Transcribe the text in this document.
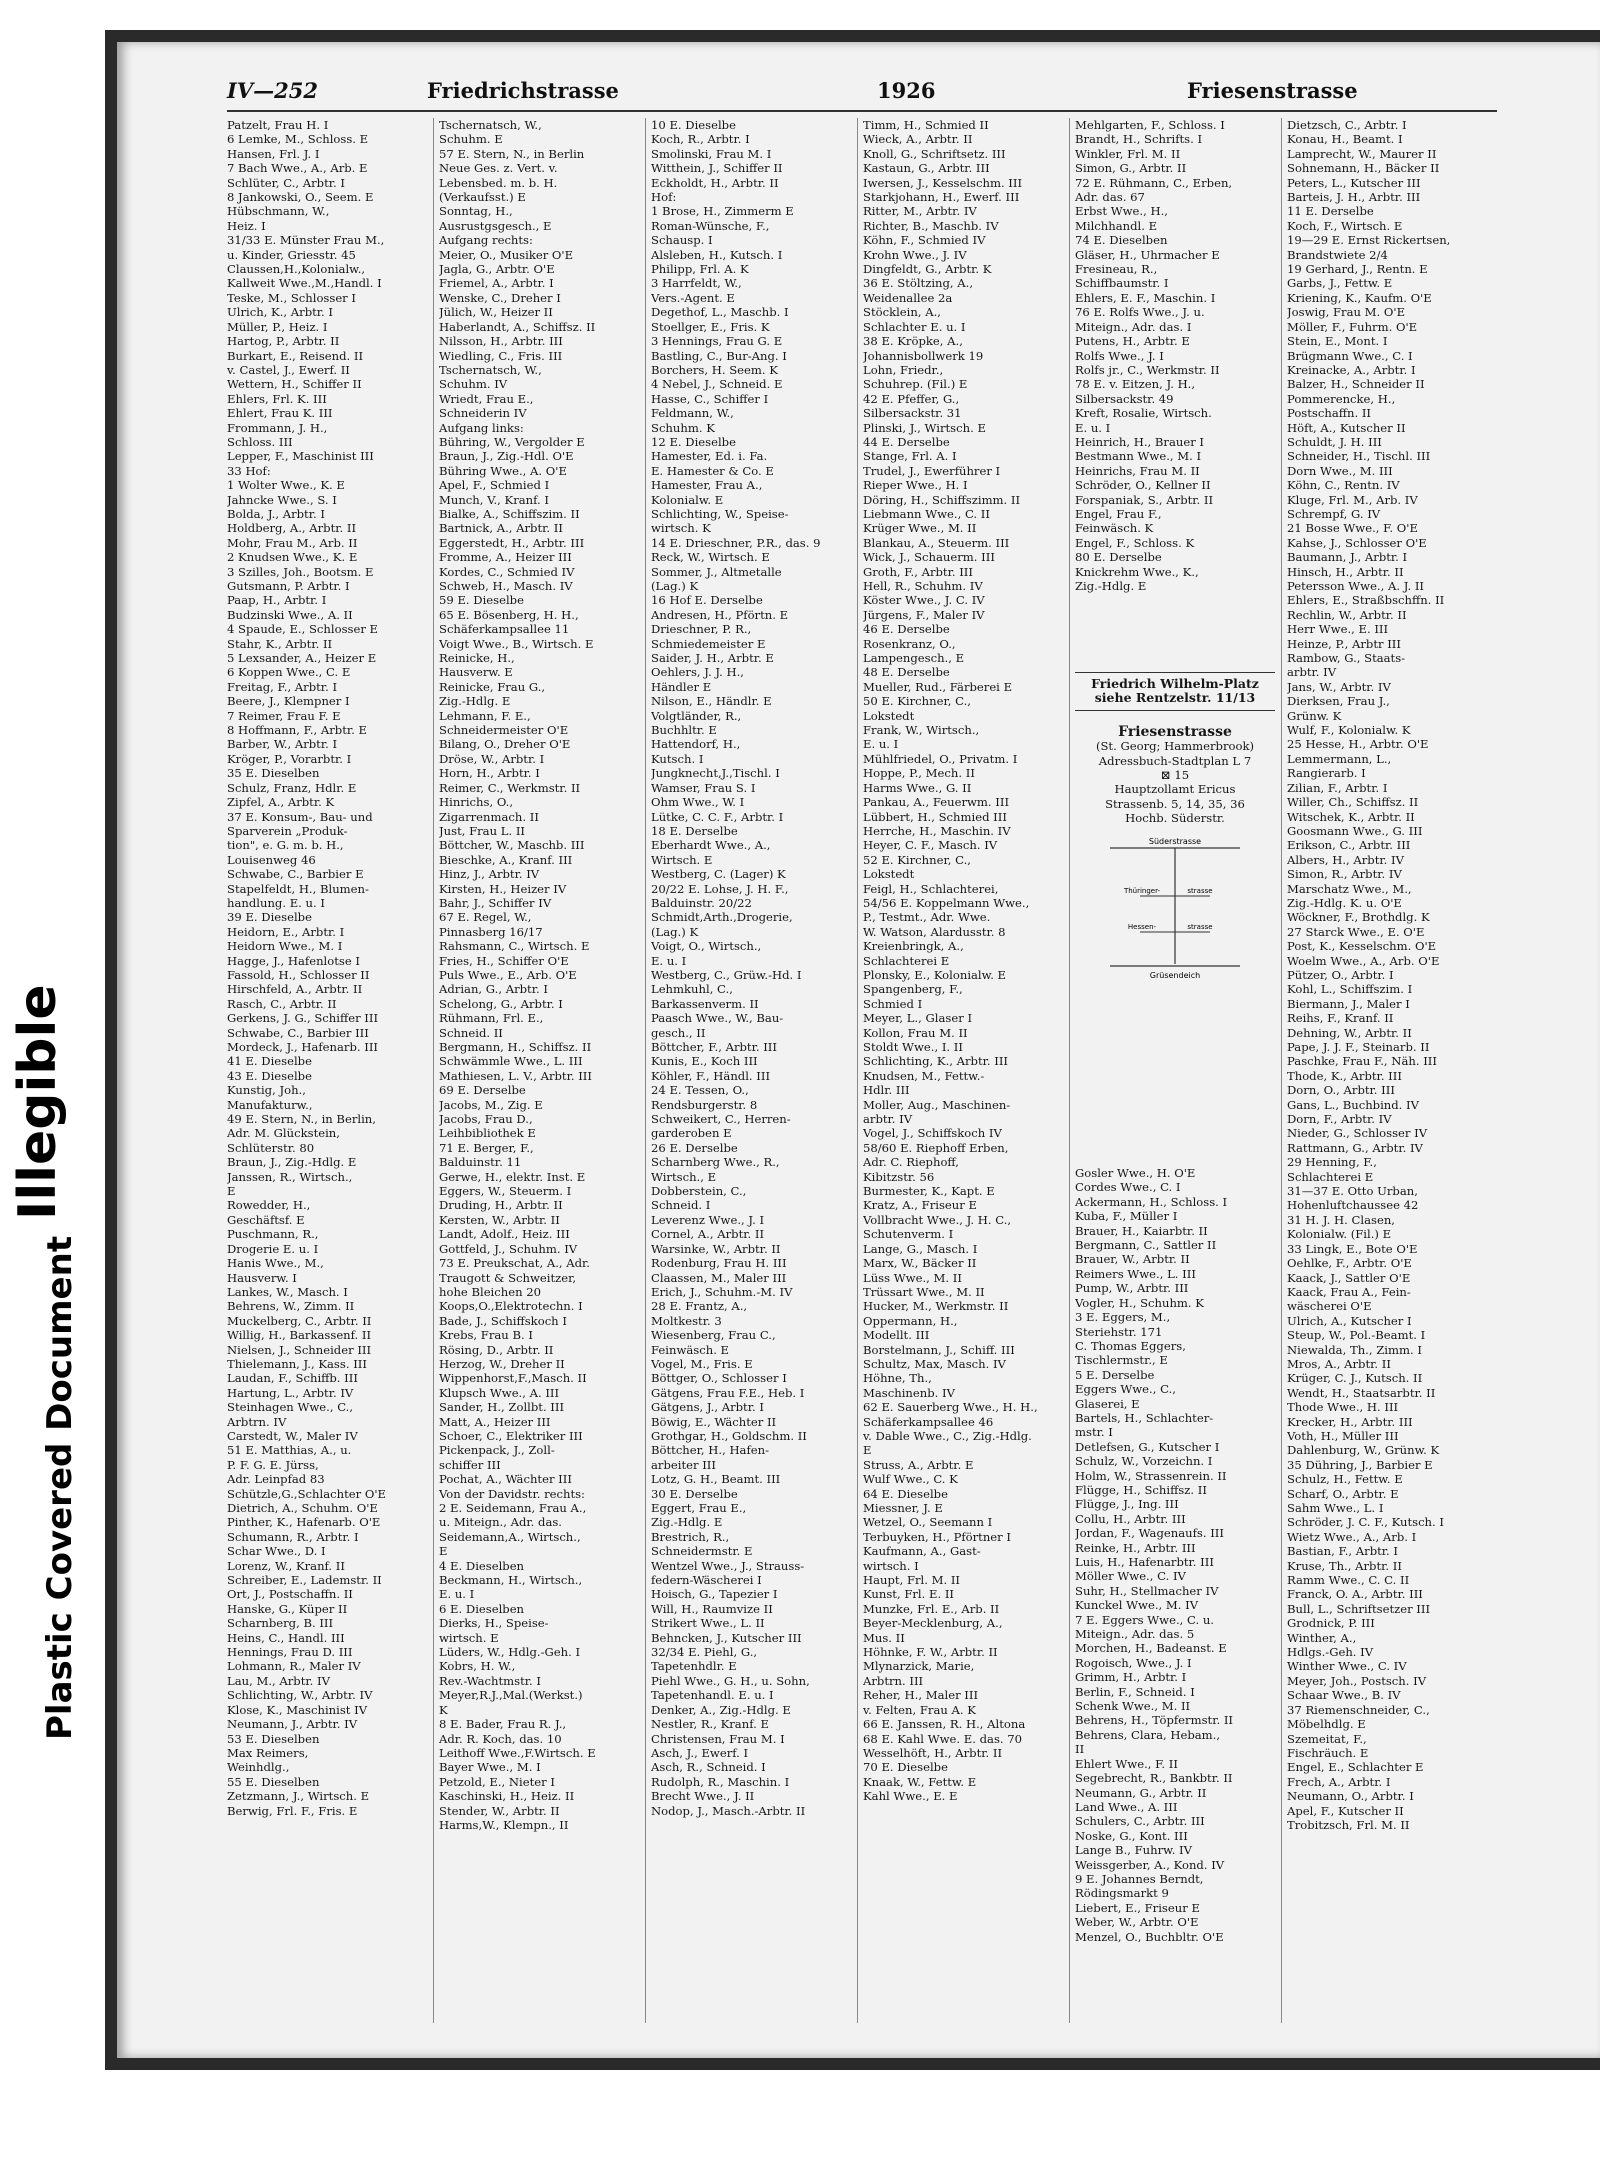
Illegible
Plastic Covered Document
IV—252	Friedrichstrasse	1926	Friesenstrasse
Patzelt, Frau H. I
6 Lemke, M., Schloss. E
Hansen, Frl. J. I
7 Bach Wwe., A., Arb. E
Schlüter, C., Arbtr. I
8 Jankowski, O., Seem. E
Hübschmann, W.,
Heiz. I
31/33 E. Münster Frau M.,
u. Kinder, Griesstr. 45
Claussen,H.,Kolonialw.,
Kallweit Wwe.,M.,Handl. I
Teske, M., Schlosser I
Ulrich, K., Arbtr. I
Müller, P., Heiz. I
Hartog, P., Arbtr. II
Burkart, E., Reisend. II
v. Castel, J., Ewerf. II
Wettern, H., Schiffer II
Ehlers, Frl. K. III
Ehlert, Frau K. III
Frommann, J. H.,
Schloss. III
Lepper, F., Maschinist III
33 Hof:
1 Wolter Wwe., K. E
Jahncke Wwe., S. I
Bolda, J., Arbtr. I
Holdberg, A., Arbtr. II
Mohr, Frau M., Arb. II
2 Knudsen Wwe., K. E
3 Szilles, Joh., Bootsm. E
Gutsmann, P. Arbtr. I
Paap, H., Arbtr. I
Budzinski Wwe., A. II
4 Spaude, E., Schlosser E
Stahr, K., Arbtr. II
5 Lexsander, A., Heizer E
6 Koppen Wwe., C. E
Freitag, F., Arbtr. I
Beere, J., Klempner I
7 Reimer, Frau F. E
8 Hoffmann, F., Arbtr. E
Barber, W., Arbtr. I
Kröger, P., Vorarbtr. I
35 E. Dieselben
Schulz, Franz, Hdlr. E
Zipfel, A., Arbtr. K
37 E. Konsum-, Bau- und
Sparverein „Produk-
tion", e. G. m. b. H.,
Louisenweg 46
Schwabe, C., Barbier E
Stapelfeldt, H., Blumen-
handlung. E. u. I
39 E. Dieselbe
Heidorn, E., Arbtr. I
Heidorn Wwe., M. I
Hagge, J., Hafenlotse I
Fassold, H., Schlosser II
Hirschfeld, A., Arbtr. II
Rasch, C., Arbtr. II
Gerkens, J. G., Schiffer III
Schwabe, C., Barbier III
Mordeck, J., Hafenarb. III
41 E. Dieselbe
43 E. Dieselbe
Kunstig, Joh.,
Manufakturw.,
49 E. Stern, N., in Berlin,
Adr. M. Glückstein,
Schlüterstr. 80
Braun, J., Zig.-Hdlg. E
Janssen, R., Wirtsch.,
E
Rowedder, H.,
Geschäftsf. E
Puschmann, R.,
Drogerie E. u. I
Hanis Wwe., M.,
Hausverw. I
Lankes, W., Masch. I
Behrens, W., Zimm. II
Muckelberg, C., Arbtr. II
Willig, H., Barkassenf. II
Nielsen, J., Schneider III
Thielemann, J., Kass. III
Laudan, F., Schiffb. III
Hartung, L., Arbtr. IV
Steinhagen Wwe., C.,
Arbtrn. IV
Carstedt, W., Maler IV
51 E. Matthias, A., u.
P. F. G. E. Jürss,
Adr. Leinpfad 83
Schützle,G.,Schlachter O'E
Dietrich, A., Schuhm. O'E
Pinther, K., Hafenarb. O'E
Schumann, R., Arbtr. I
Schar Wwe., D. I
Lorenz, W., Kranf. II
Schreiber, E., Lademstr. II
Ort, J., Postschaffn. II
Hanske, G., Küper II
Scharnberg, B. III
Heins, C., Handl. III
Hennings, Frau D. III
Lohmann, R., Maler IV
Lau, M., Arbtr. IV
Schlichting, W., Arbtr. IV
Klose, K., Maschinist IV
Neumann, J., Arbtr. IV
53 E. Dieselben
Max Reimers,
Weinhdlg.,
55 E. Dieselben
Zetzmann, J., Wirtsch. E
Berwig, Frl. F., Fris. E
Tschernatsch, W.,
Schuhm. E
57 E. Stern, N., in Berlin
Neue Ges. z. Vert. v.
Lebensbed. m. b. H.
(Verkaufsst.) E
Sonntag, H.,
Ausrustgsgesch., E
Aufgang rechts:
Meier, O., Musiker O'E
Jagla, G., Arbtr. O'E
Friemel, A., Arbtr. I
Wenske, C., Dreher I
Jülich, W., Heizer II
Haberlandt, A., Schiffsz. II
Nilsson, H., Arbtr. III
Wiedling, C., Fris. III
Tschernatsch, W.,
Schuhm. IV
Wriedt, Frau E.,
Schneiderin IV
Aufgang links:
Bühring, W., Vergolder E
Braun, J., Zig.-Hdl. O'E
Bühring Wwe., A. O'E
Apel, F., Schmied I
Munch, V., Kranf. I
Bialke, A., Schiffszim. II
Bartnick, A., Arbtr. II
Eggerstedt, H., Arbtr. III
Fromme, A., Heizer III
Kordes, C., Schmied IV
Schweb, H., Masch. IV
59 E. Dieselbe
65 E. Bösenberg, H. H.,
Schäferkampsallee 11
Voigt Wwe., B., Wirtsch. E
Reinicke, H.,
Hausverw. E
Reinicke, Frau G.,
Zig.-Hdlg. E
Lehmann, F. E.,
Schneidermeister O'E
Bilang, O., Dreher O'E
Dröse, W., Arbtr. I
Horn, H., Arbtr. I
Reimer, C., Werkmstr. II
Hinrichs, O.,
Zigarrenmach. II
Just, Frau L. II
Böttcher, W., Maschb. III
Bieschke, A., Kranf. III
Hinz, J., Arbtr. IV
Kirsten, H., Heizer IV
Bahr, J., Schiffer IV
67 E. Regel, W.,
Pinnasberg 16/17
Rahsmann, C., Wirtsch. E
Fries, H., Schiffer O'E
Puls Wwe., E., Arb. O'E
Adrian, G., Arbtr. I
Schelong, G., Arbtr. I
Rühmann, Frl. E.,
Schneid. II
Bergmann, H., Schiffsz. II
Schwämmle Wwe., L. III
Mathiesen, L. V., Arbtr. III
69 E. Derselbe
Jacobs, M., Zig. E
Jacobs, Frau D.,
Leihbibliothek E
71 E. Berger, F.,
Balduinstr. 11
Gerwe, H., elektr. Inst. E
Eggers, W., Steuerm. I
Druding, H., Arbtr. II
Kersten, W., Arbtr. II
Landt, Adolf., Heiz. III
Gottfeld, J., Schuhm. IV
73 E. Preukschat, A., Adr.
Traugott & Schweitzer,
hohe Bleichen 20
Koops,O.,Elektrotechn. I
Bade, J., Schiffskoch I
Krebs, Frau B. I
Rösing, D., Arbtr. II
Herzog, W., Dreher II
Wippenhorst,F.,Masch. II
Klupsch Wwe., A. III
Sander, H., Zollbt. III
Matt, A., Heizer III
Schoer, C., Elektriker III
Pickenpack, J., Zoll-
schiffer III
Pochat, A., Wächter III
Von der Davidstr. rechts:
2 E. Seidemann, Frau A.,
u. Miteign., Adr. das.
Seidemann,A., Wirtsch.,
E
4 E. Dieselben
Beckmann, H., Wirtsch.,
E. u. I
6 E. Dieselben
Dierks, H., Speise-
wirtsch. E
Lüders, W., Hdlg.-Geh. I
Kobrs, H. W.,
Rev.-Wachtmstr. I
Meyer,R.J.,Mal.(Werkst.)
K
8 E. Bader, Frau R. J.,
Adr. R. Koch, das. 10
Leithoff Wwe.,F.Wirtsch. E
Bayer Wwe., M. I
Petzold, E., Nieter I
Kaschinski, H., Heiz. II
Stender, W., Arbtr. II
Harms,W., Klempn., II
10 E. Dieselbe
Koch, R., Arbtr. I
Smolinski, Frau M. I
Witthein, J., Schiffer II
Eckholdt, H., Arbtr. II
Hof:
1 Brose, H., Zimmerm E
Roman-Wünsche, F.,
Schausp. I
Alsleben, H., Kutsch. I
Philipp, Frl. A. K
3 Harrfeldt, W.,
Vers.-Agent. E
Degethof, L., Maschb. I
Stoellger, E., Fris. K
3 Hennings, Frau G. E
Bastling, C., Bur-Ang. I
Borchers, H. Seem. K
4 Nebel, J., Schneid. E
Hasse, C., Schiffer I
Feldmann, W.,
Schuhm. K
12 E. Dieselbe
Hamester, Ed. i. Fa.
E. Hamester & Co. E
Hamester, Frau A.,
Kolonialw. E
Schlichting, W., Speise-
wirtsch. K
14 E. Drieschner, P.R., das. 9
Reck, W., Wirtsch. E
Sommer, J., Altmetalle
(Lag.) K
16 Hof E. Derselbe
Andresen, H., Pförtn. E
Drieschner, P. R.,
Schmiedemeister E
Saider, J. H., Arbtr. E
Oehlers, J. J. H.,
Händler E
Nilson, E., Händlr. E
Volgtländer, R.,
Buchhltr. E
Hattendorf, H.,
Kutsch. I
Jungknecht,J.,Tischl. I
Wamser, Frau S. I
Ohm Wwe., W. I
Lütke, C. C. F., Arbtr. I
18 E. Derselbe
Eberhardt Wwe., A.,
Wirtsch. E
Westberg, C. (Lager) K
20/22 E. Lohse, J. H. F.,
Balduinstr. 20/22
Schmidt,Arth.,Drogerie,
(Lag.) K
Voigt, O., Wirtsch.,
E. u. I
Westberg, C., Grüw.-Hd. I
Lehmkuhl, C.,
Barkassenverm. II
Paasch Wwe., W., Bau-
gesch., II
Böttcher, F., Arbtr. III
Kunis, E., Koch III
Köhler, F., Händl. III
24 E. Tessen, O.,
Rendsburgerstr. 8
Schweikert, C., Herren-
garderoben E
26 E. Derselbe
Scharnberg Wwe., R.,
Wirtsch., E
Dobberstein, C.,
Schneid. I
Leverenz Wwe., J. I
Cornel, A., Arbtr. II
Warsinke, W., Arbtr. II
Rodenburg, Frau H. III
Claassen, M., Maler III
Erich, J., Schuhm.-M. IV
28 E. Frantz, A.,
Moltkestr. 3
Wiesenberg, Frau C.,
Feinwäsch. E
Vogel, M., Fris. E
Böttger, O., Schlosser I
Gätgens, Frau F.E., Heb. I
Gätgens, J., Arbtr. I
Böwig, E., Wächter II
Grothgar, H., Goldschm. II
Böttcher, H., Hafen-
arbeiter III
Lotz, G. H., Beamt. III
30 E. Derselbe
Eggert, Frau E.,
Zig.-Hdlg. E
Brestrich, R.,
Schneidermstr. E
Wentzel Wwe., J., Strauss-
federn-Wäscherei I
Hoisch, G., Tapezier I
Will, H., Raumvize II
Strikert Wwe., L. II
Behncken, J., Kutscher III
32/34 E. Piehl, G.,
Tapetenhdlr. E
Piehl Wwe., G. H., u. Sohn,
Tapetenhandl. E. u. I
Denker, A., Zig.-Hdlg. E
Nestler, R., Kranf. E
Christensen, Frau M. I
Asch, J., Ewerf. I
Asch, R., Schneid. I
Rudolph, R., Maschin. I
Brecht Wwe., J. II
Nodop, J., Masch.-Arbtr. II
Timm, H., Schmied II
Wieck, A., Arbtr. II
Knoll, G., Schriftsetz. III
Kastaun, G., Arbtr. III
Iwersen, J., Kesselschm. III
Starkjohann, H., Ewerf. III
Ritter, M., Arbtr. IV
Richter, B., Maschb. IV
Köhn, F., Schmied IV
Krohn Wwe., J. IV
Dingfeldt, G., Arbtr. K
36 E. Stöltzing, A.,
Weidenallee 2a
Stöcklein, A.,
Schlachter E. u. I
38 E. Kröpke, A.,
Johannisbollwerk 19
Lohn, Friedr.,
Schuhrep. (Fil.) E
42 E. Pfeffer, G.,
Silbersackstr. 31
Plinski, J., Wirtsch. E
44 E. Derselbe
Stange, Frl. A. I
Trudel, J., Ewerführer I
Rieper Wwe., H. I
Döring, H., Schiffszimm. II
Liebmann Wwe., C. II
Krüger Wwe., M. II
Blankau, A., Steuerm. III
Wick, J., Schauerm. III
Groth, F., Arbtr. III
Hell, R., Schuhm. IV
Köster Wwe., J. C. IV
Jürgens, F., Maler IV
46 E. Derselbe
Rosenkranz, O.,
Lampengesch., E
48 E. Derselbe
Mueller, Rud., Färberei E
50 E. Kirchner, C.,
Lokstedt
Frank, W., Wirtsch.,
E. u. I
Mühlfriedel, O., Privatm. I
Hoppe, P., Mech. II
Harms Wwe., G. II
Pankau, A., Feuerwm. III
Lübbert, H., Schmied III
Herrche, H., Maschin. IV
Heyer, C. F., Masch. IV
52 E. Kirchner, C.,
Lokstedt
Feigl, H., Schlachterei,
54/56 E. Koppelmann Wwe.,
P., Testmt., Adr. Wwe.
W. Watson, Alardusstr. 8
Kreienbringk, A.,
Schlachterei E
Plonsky, E., Kolonialw. E
Spangenberg, F.,
Schmied I
Meyer, L., Glaser I
Kollon, Frau M. II
Stoldt Wwe., I. II
Schlichting, K., Arbtr. III
Knudsen, M., Fettw.-
Hdlr. III
Moller, Aug., Maschinen-
arbtr. IV
Vogel, J., Schiffskoch IV
58/60 E. Riephoff Erben,
Adr. C. Riephoff,
Kibitzstr. 56
Burmester, K., Kapt. E
Kratz, A., Friseur E
Vollbracht Wwe., J. H. C.,
Schutenverm. I
Lange, G., Masch. I
Marx, W., Bäcker II
Lüss Wwe., M. II
Trüssart Wwe., M. II
Hucker, M., Werkmstr. II
Oppermann, H.,
Modellt. III
Borstelmann, J., Schiff. III
Schultz, Max, Masch. IV
Höhne, Th.,
Maschinenb. IV
62 E. Sauerberg Wwe., H. H.,
Schäferkampsallee 46
v. Dable Wwe., C., Zig.-Hdlg.
E
Struss, A., Arbtr. E
Wulf Wwe., C. K
64 E. Dieselbe
Miessner, J. E
Wetzel, O., Seemann I
Terbuyken, H., Pförtner I
Kaufmann, A., Gast-
wirtsch. I
Haupt, Frl. M. II
Kunst, Frl. E. II
Munzke, Frl. E., Arb. II
Beyer-Mecklenburg, A.,
Mus. II
Höhnke, F. W., Arbtr. II
Mlynarzick, Marie,
Arbtrn. III
Reher, H., Maler III
v. Felten, Frau A. K
66 E. Janssen, R. H., Altona
68 E. Kahl Wwe. E. das. 70
Wesselhöft, H., Arbtr. II
70 E. Dieselbe
Knaak, W., Fettw. E
Kahl Wwe., E. E
Mehlgarten, F., Schloss. I
Brandt, H., Schrifts. I
Winkler, Frl. M. II
Simon, G., Arbtr. II
72 E. Rühmann, C., Erben,
Adr. das. 67
Erbst Wwe., H.,
Milchhandl. E
74 E. Dieselben
Gläser, H., Uhrmacher E
Fresineau, R.,
Schiffbaumstr. I
Ehlers, E. F., Maschin. I
76 E. Rolfs Wwe., J. u.
Miteign., Adr. das. I
Putens, H., Arbtr. E
Rolfs Wwe., J. I
Rolfs jr., C., Werkmstr. II
78 E. v. Eitzen, J. H.,
Silbersackstr. 49
Kreft, Rosalie, Wirtsch.
E. u. I
Heinrich, H., Brauer I
Bestmann Wwe., M. I
Heinrichs, Frau M. II
Schröder, O., Kellner II
Forspaniak, S., Arbtr. II
Engel, Frau F.,
Feinwäsch. K
Engel, F., Schloss. K
80 E. Derselbe
Knickrehm Wwe., K.,
Zig.-Hdlg. E
Gosler Wwe., H. O'E
Cordes Wwe., C. I
Ackermann, H., Schloss. I
Kuba, F., Müller I
Brauer, H., Kaiarbtr. II
Bergmann, C., Sattler II
Brauer, W., Arbtr. II
Reimers Wwe., L. III
Pump, W., Arbtr. III
Vogler, H., Schuhm. K
3 E. Eggers, M.,
Steriehstr. 171
C. Thomas Eggers,
Tischlermstr., E
5 E. Derselbe
Eggers Wwe., C.,
Glaserei, E
Bartels, H., Schlachter-
mstr. I
Detlefsen, G., Kutscher I
Schulz, W., Vorzeichn. I
Holm, W., Strassenrein. II
Flügge, H., Schiffsz. II
Flügge, J., Ing. III
Collu, H., Arbtr. III
Jordan, F., Wagenaufs. III
Reinke, H., Arbtr. III
Luis, H., Hafenarbtr. III
Möller Wwe., C. IV
Suhr, H., Stellmacher IV
Kunckel Wwe., M. IV
7 E. Eggers Wwe., C. u.
Miteign., Adr. das. 5
Morchen, H., Badeanst. E
Rogoisch, Wwe., J. I
Grimm, H., Arbtr. I
Berlin, F., Schneid. I
Schenk Wwe., M. II
Behrens, H., Töpfermstr. II
Behrens, Clara, Hebam.,
II
Ehlert Wwe., F. II
Segebrecht, R., Bankbtr. II
Neumann, G., Arbtr. II
Land Wwe., A. III
Schulers, C., Arbtr. III
Noske, G., Kont. III
Lange B., Fuhrw. IV
Weissgerber, A., Kond. IV
9 E. Johannes Berndt,
Rödingsmarkt 9
Liebert, E., Friseur E
Weber, W., Arbtr. O'E
Menzel, O., Buchbltr. O'E
Dietzsch, C., Arbtr. I
Konau, H., Beamt. I
Lamprecht, W., Maurer II
Sohnemann, H., Bäcker II
Peters, L., Kutscher III
Barteis, J. H., Arbtr. III
11 E. Derselbe
Koch, F., Wirtsch. E
19—29 E. Ernst Rickertsen,
Brandstwiete 2/4
19 Gerhard, J., Rentn. E
Garbs, J., Fettw. E
Kriening, K., Kaufm. O'E
Joswig, Frau M. O'E
Möller, F., Fuhrm. O'E
Stein, E., Mont. I
Brügmann Wwe., C. I
Kreinacke, A., Arbtr. I
Balzer, H., Schneider II
Pommerencke, H.,
Postschaffn. II
Höft, A., Kutscher II
Schuldt, J. H. III
Schneider, H., Tischl. III
Dorn Wwe., M. III
Köhn, C., Rentn. IV
Kluge, Frl. M., Arb. IV
Schrempf, G. IV
21 Bosse Wwe., F. O'E
Kahse, J., Schlosser O'E
Baumann, J., Arbtr. I
Hinsch, H., Arbtr. II
Petersson Wwe., A. J. II
Ehlers, E., Straßbschffn. II
Rechlin, W., Arbtr. II
Herr Wwe., E. III
Heinze, P., Arbtr III
Rambow, G., Staats-
arbtr. IV
Jans, W., Arbtr. IV
Dierksen, Frau J.,
Grünw. K
Wulf, F., Kolonialw. K
25 Hesse, H., Arbtr. O'E
Lemmermann, L.,
Rangierarb. I
Zilian, F., Arbtr. I
Willer, Ch., Schiffsz. II
Witschek, K., Arbtr. II
Goosmann Wwe., G. III
Erikson, C., Arbtr. III
Albers, H., Arbtr. IV
Simon, R., Arbtr. IV
Marschatz Wwe., M.,
Zig.-Hdlg. K. u. O'E
Wöckner, F., Brothdlg. K
27 Starck Wwe., E. O'E
Post, K., Kesselschm. O'E
Woelm Wwe., A., Arb. O'E
Pützer, O., Arbtr. I
Kohl, L., Schiffszim. I
Biermann, J., Maler I
Reihs, F., Kranf. II
Dehning, W., Arbtr. II
Pape, J. J. F., Steinarb. II
Paschke, Frau F., Näh. III
Thode, K., Arbtr. III
Dorn, O., Arbtr. III
Gans, L., Buchbind. IV
Dorn, F., Arbtr. IV
Nieder, G., Schlosser IV
Rattmann, G., Arbtr. IV
29 Henning, F.,
Schlachterei E
31—37 E. Otto Urban,
Hohenluftchaussee 42
31 H. J. H. Clasen,
Kolonialw. (Fil.) E
33 Lingk, E., Bote O'E
Oehlke, F., Arbtr. O'E
Kaack, J., Sattler O'E
Kaack, Frau A., Fein-
wäscherei O'E
Ulrich, A., Kutscher I
Steup, W., Pol.-Beamt. I
Niewalda, Th., Zimm. I
Mros, A., Arbtr. II
Krüger, C. J., Kutsch. II
Wendt, H., Staatsarbtr. II
Thode Wwe., H. III
Krecker, H., Arbtr. III
Voth, H., Müller III
Dahlenburg, W., Grünw. K
35 Dühring, J., Barbier E
Schulz, H., Fettw. E
Scharf, O., Arbtr. E
Sahm Wwe., L. I
Schröder, J. C. F., Kutsch. I
Wietz Wwe., A., Arb. I
Bastian, F., Arbtr. I
Kruse, Th., Arbtr. II
Ramm Wwe., C. C. II
Franck, O. A., Arbtr. III
Bull, L., Schriftsetzer III
Grodnick, P. III
Winther, A.,
Hdlgs.-Geh. IV
Winther Wwe., C. IV
Meyer, Joh., Postsch. IV
Schaar Wwe., B. IV
37 Riemenschneider, C.,
Möbelhdlg. E
Szemeitat, F.,
Fischräuch. E
Engel, E., Schlachter E
Frech, A., Arbtr. I
Neumann, O., Arbtr. I
Apel, F., Kutscher II
Trobitzsch, Frl. M. II
Friedrich Wilhelm-Platz
siehe Rentzelstr. 11/13
Friesenstrasse
(St. Georg; Hammerbrook)
Adressbuch-Stadtplan L 7
⊠ 15
Hauptzollamt Ericus
Strassenb. 5, 14, 35, 36
Hochb. Süderstr.
Süderstrasse
Thüringer-	strasse
Hessen-	strasse
Grüsendeich
